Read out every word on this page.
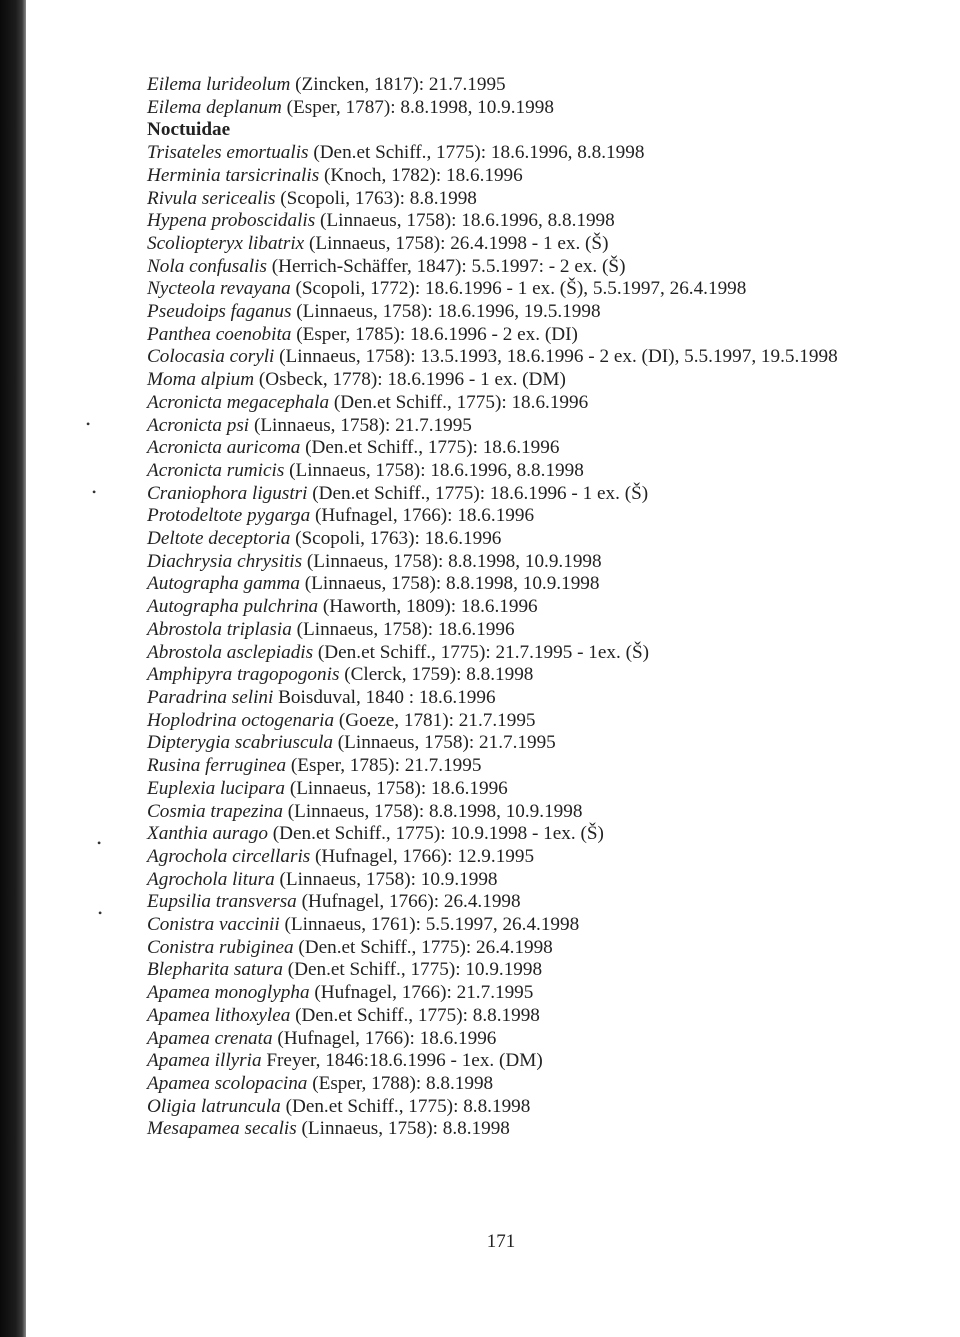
Eilema lurideolum (Zincken, 1817): 21.7.1995
Eilema deplanum (Esper, 1787): 8.8.1998, 10.9.1998
Noctuidae
Trisateles emortualis (Den.et Schiff., 1775): 18.6.1996, 8.8.1998
Herminia tarsicrinalis (Knoch, 1782): 18.6.1996
Rivula sericealis (Scopoli, 1763): 8.8.1998
Hypena proboscidalis (Linnaeus, 1758): 18.6.1996, 8.8.1998
Scoliopteryx libatrix (Linnaeus, 1758): 26.4.1998 - 1 ex. (Š)
Nola confusalis (Herrich-Schäffer, 1847): 5.5.1997: - 2 ex. (Š)
Nycteola revayana (Scopoli, 1772): 18.6.1996 - 1 ex. (Š), 5.5.1997, 26.4.1998
Pseudoips faganus (Linnaeus, 1758): 18.6.1996, 19.5.1998
Panthea coenobita (Esper, 1785): 18.6.1996 - 2 ex. (DI)
Colocasia coryli (Linnaeus, 1758): 13.5.1993, 18.6.1996 - 2 ex. (DI), 5.5.1997, 19.5.1998
Moma alpium (Osbeck, 1778): 18.6.1996 - 1 ex. (DM)
Acronicta megacephala (Den.et Schiff., 1775): 18.6.1996
Acronicta psi (Linnaeus, 1758): 21.7.1995
Acronicta auricoma (Den.et Schiff., 1775): 18.6.1996
Acronicta rumicis (Linnaeus, 1758): 18.6.1996, 8.8.1998
Craniophora ligustri (Den.et Schiff., 1775): 18.6.1996 - 1 ex. (Š)
Protodeltote pygarga (Hufnagel, 1766): 18.6.1996
Deltote deceptoria (Scopoli, 1763): 18.6.1996
Diachrysia chrysitis (Linnaeus, 1758): 8.8.1998, 10.9.1998
Autographa gamma (Linnaeus, 1758): 8.8.1998, 10.9.1998
Autographa pulchrina (Haworth, 1809): 18.6.1996
Abrostola triplasia (Linnaeus, 1758): 18.6.1996
Abrostola asclepiadis (Den.et Schiff., 1775): 21.7.1995 - 1ex. (Š)
Amphipyra tragopogonis (Clerck, 1759): 8.8.1998
Paradrina selini Boisduval, 1840 : 18.6.1996
Hoplodrina octogenaria (Goeze, 1781): 21.7.1995
Dipterygia scabriuscula (Linnaeus, 1758): 21.7.1995
Rusina ferruginea (Esper, 1785): 21.7.1995
Euplexia lucipara (Linnaeus, 1758): 18.6.1996
Cosmia trapezina (Linnaeus, 1758): 8.8.1998, 10.9.1998
Xanthia aurago (Den.et Schiff., 1775): 10.9.1998 - 1ex. (Š)
Agrochola circellaris (Hufnagel, 1766): 12.9.1995
Agrochola litura (Linnaeus, 1758): 10.9.1998
Eupsilia transversa (Hufnagel, 1766): 26.4.1998
Conistra vaccinii (Linnaeus, 1761): 5.5.1997, 26.4.1998
Conistra rubiginea (Den.et Schiff., 1775): 26.4.1998
Blepharita satura (Den.et Schiff., 1775): 10.9.1998
Apamea monoglypha (Hufnagel, 1766): 21.7.1995
Apamea lithoxylea (Den.et Schiff., 1775): 8.8.1998
Apamea crenata (Hufnagel, 1766): 18.6.1996
Apamea illyria Freyer, 1846:18.6.1996 - 1ex. (DM)
Apamea scolopacina (Esper, 1788): 8.8.1998
Oligia latruncula (Den.et Schiff., 1775): 8.8.1998
Mesapamea secalis (Linnaeus, 1758): 8.8.1998
•
•
•
•
171
